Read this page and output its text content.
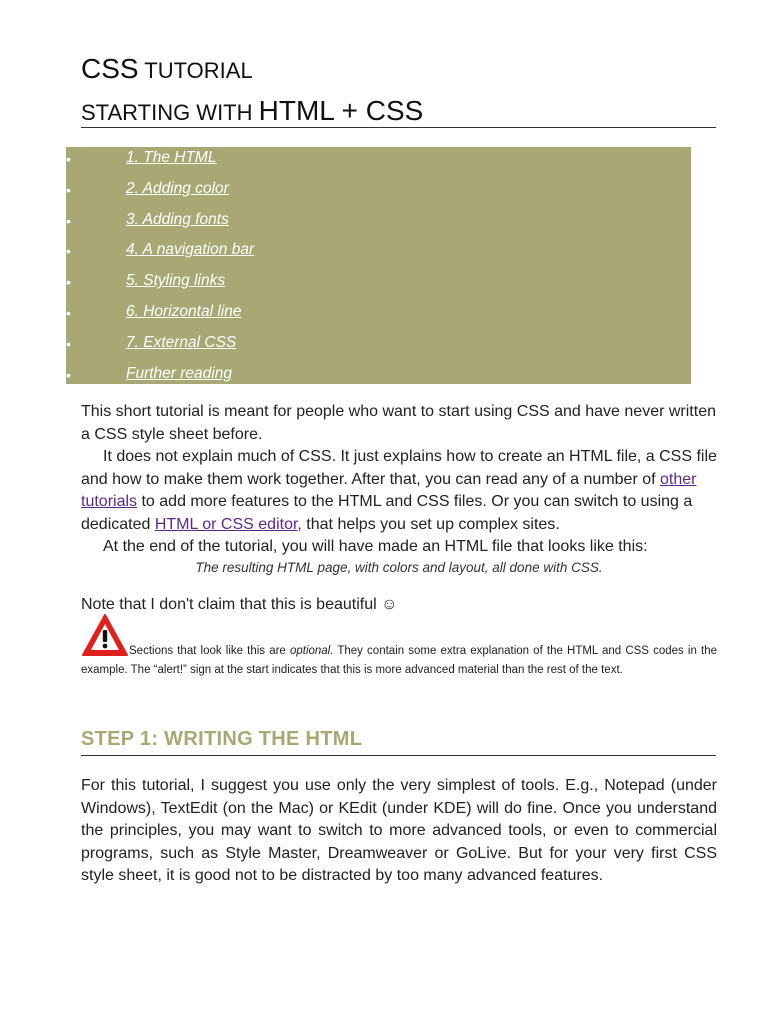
CSS TUTORIAL
STARTING WITH HTML + CSS
•	1. The HTML
•	2. Adding color
•	3. Adding fonts
•	4. A navigation bar
•	5. Styling links
•	6. Horizontal line
•	7. External CSS
•	Further reading
This short tutorial is meant for people who want to start using CSS and have never written a CSS style sheet before.
It does not explain much of CSS. It just explains how to create an HTML file, a CSS file and how to make them work together. After that, you can read any of a number of other tutorials to add more features to the HTML and CSS files. Or you can switch to using a dedicated HTML or CSS editor, that helps you set up complex sites.
At the end of the tutorial, you will have made an HTML file that looks like this:
The resulting HTML page, with colors and layout, all done with CSS.
Note that I don't claim that this is beautiful ☺
Sections that look like this are optional. They contain some extra explanation of the HTML and CSS codes in the example. The “alert!” sign at the start indicates that this is more advanced material than the rest of the text.
STEP 1: WRITING THE HTML
For this tutorial, I suggest you use only the very simplest of tools. E.g., Notepad (under Windows), TextEdit (on the Mac) or KEdit (under KDE) will do fine. Once you understand the principles, you may want to switch to more advanced tools, or even to commercial programs, such as Style Master, Dreamweaver or GoLive. But for your very first CSS style sheet, it is good not to be distracted by too many advanced features.
